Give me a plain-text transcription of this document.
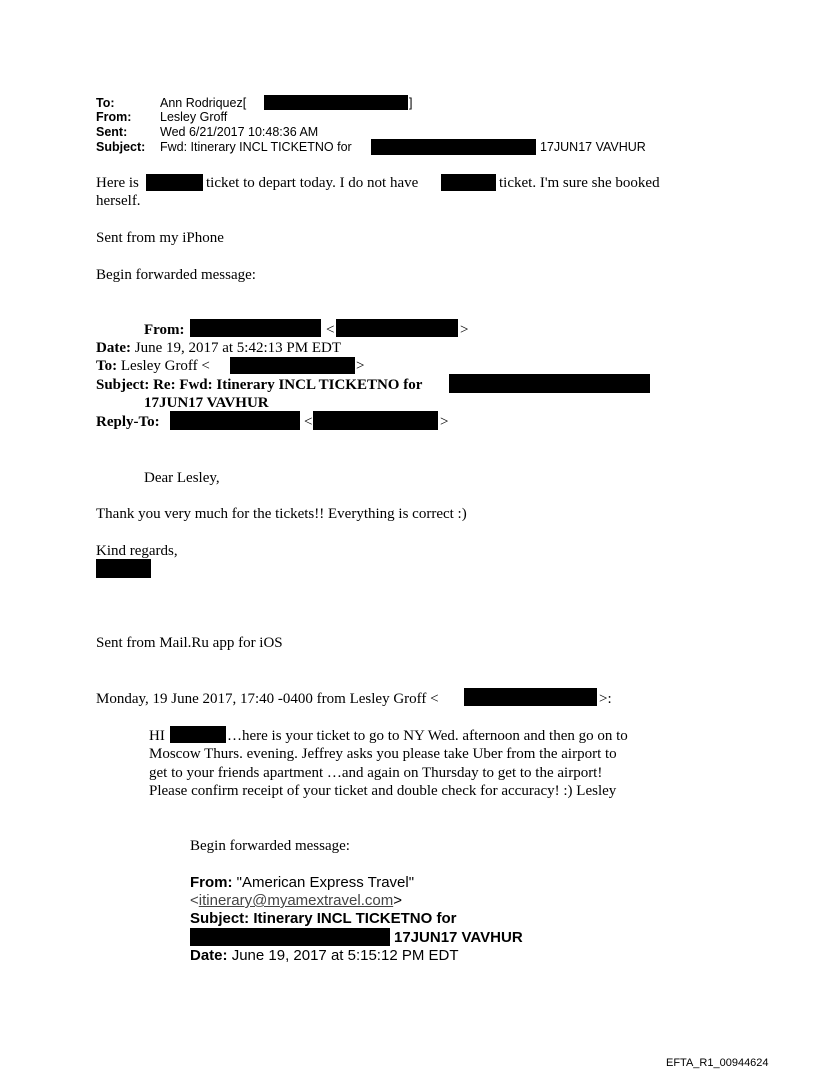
To:	Ann Rodriquez[	]
From: Lesley Groff
Sent:	Wed 6/21/2017 10:48:36 AM
Subject: Fwd: Itinerary INCL TICKETNO for	17JUN17 VAVHUR
Here is	ticket to depart today. I do not have	ticket. I'm sure she booked
herself.
Sent from my iPhone
Begin forwarded message:
From:	<	>
Date: June 19, 2017 at 5:42:13 PM EDT
To: Lesley Groff <	>
Subject: Re: Fwd: Itinerary INCL TICKETNO for
17JUN17 VAVHUR
Reply-To:	<	>
Dear Lesley,
Thank you very much for the tickets!! Everything is correct :)
Kind regards,
Sent from Mail.Ru app for iOS
Monday, 19 June 2017, 17:40 -0400 from Lesley Groff <	>:
HI	…here is your ticket to go to NY Wed. afternoon and then go on to
Moscow Thurs. evening. Jeffrey asks you please take Uber from the airport to
get to your friends apartment …and again on Thursday to get to the airport!
Please confirm receipt of your ticket and double check for accuracy! :) Lesley
Begin forwarded message:
From: "American Express Travel"
<itinerary@myamextravel.com>
Subject: Itinerary INCL TICKETNO for
17JUN17 VAVHUR
Date: June 19, 2017 at 5:15:12 PM EDT
EFTA_R1_00944624
